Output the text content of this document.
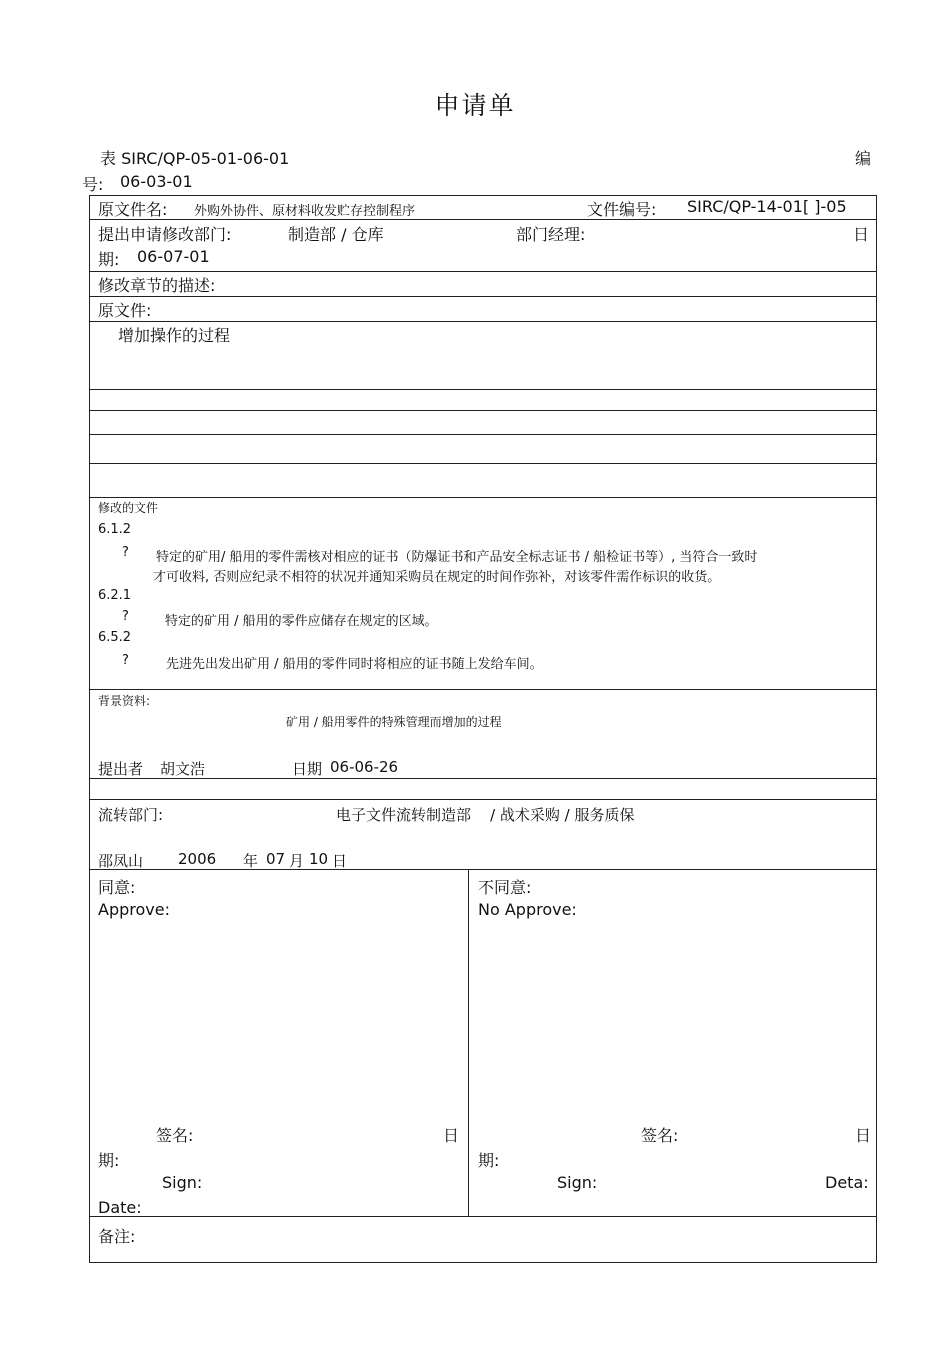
申请单
表 SIRC/QP-05-01-06-01	编
号: 06-03-01
原文件名: 外购外协件、原材料收发贮存控制程序	文件编号: SIRC/QP-14-01[ ]-05
提出申请修改部门:	制造部 / 仓库	部门经理:	日
期: 06-07-01
修改章节的描述:
原文件:
增加操作的过程
修改的文件
6.1.2
? 特定的矿用/ 船用的零件需核对相应的证书（防爆证书和产品安全标志证书 / 船检证书等）, 当符合一致时
才可收料, 否则应纪录不相符的状况并通知采购员在规定的时间作弥补，对该零件需作标识的收货。
6.2.1
?	特定的矿用 / 船用的零件应储存在规定的区域。
6.5.2
?	先进先出发出矿用 / 船用的零件同时将相应的证书随上发给车间。
背景资料:
矿用 / 船用零件的特殊管理而增加的过程
提出者 胡文浩	日期 06-06-26
流转部门:	电子文件流转制造部    / 战术采购 / 服务质保
邵凤山 2006 年 07 月 10 日
同意:
Approve:
签名:	日
期:
Sign:
Date:
不同意:
No Approve:
签名:	日
期:
Sign:	Deta:
备注:
